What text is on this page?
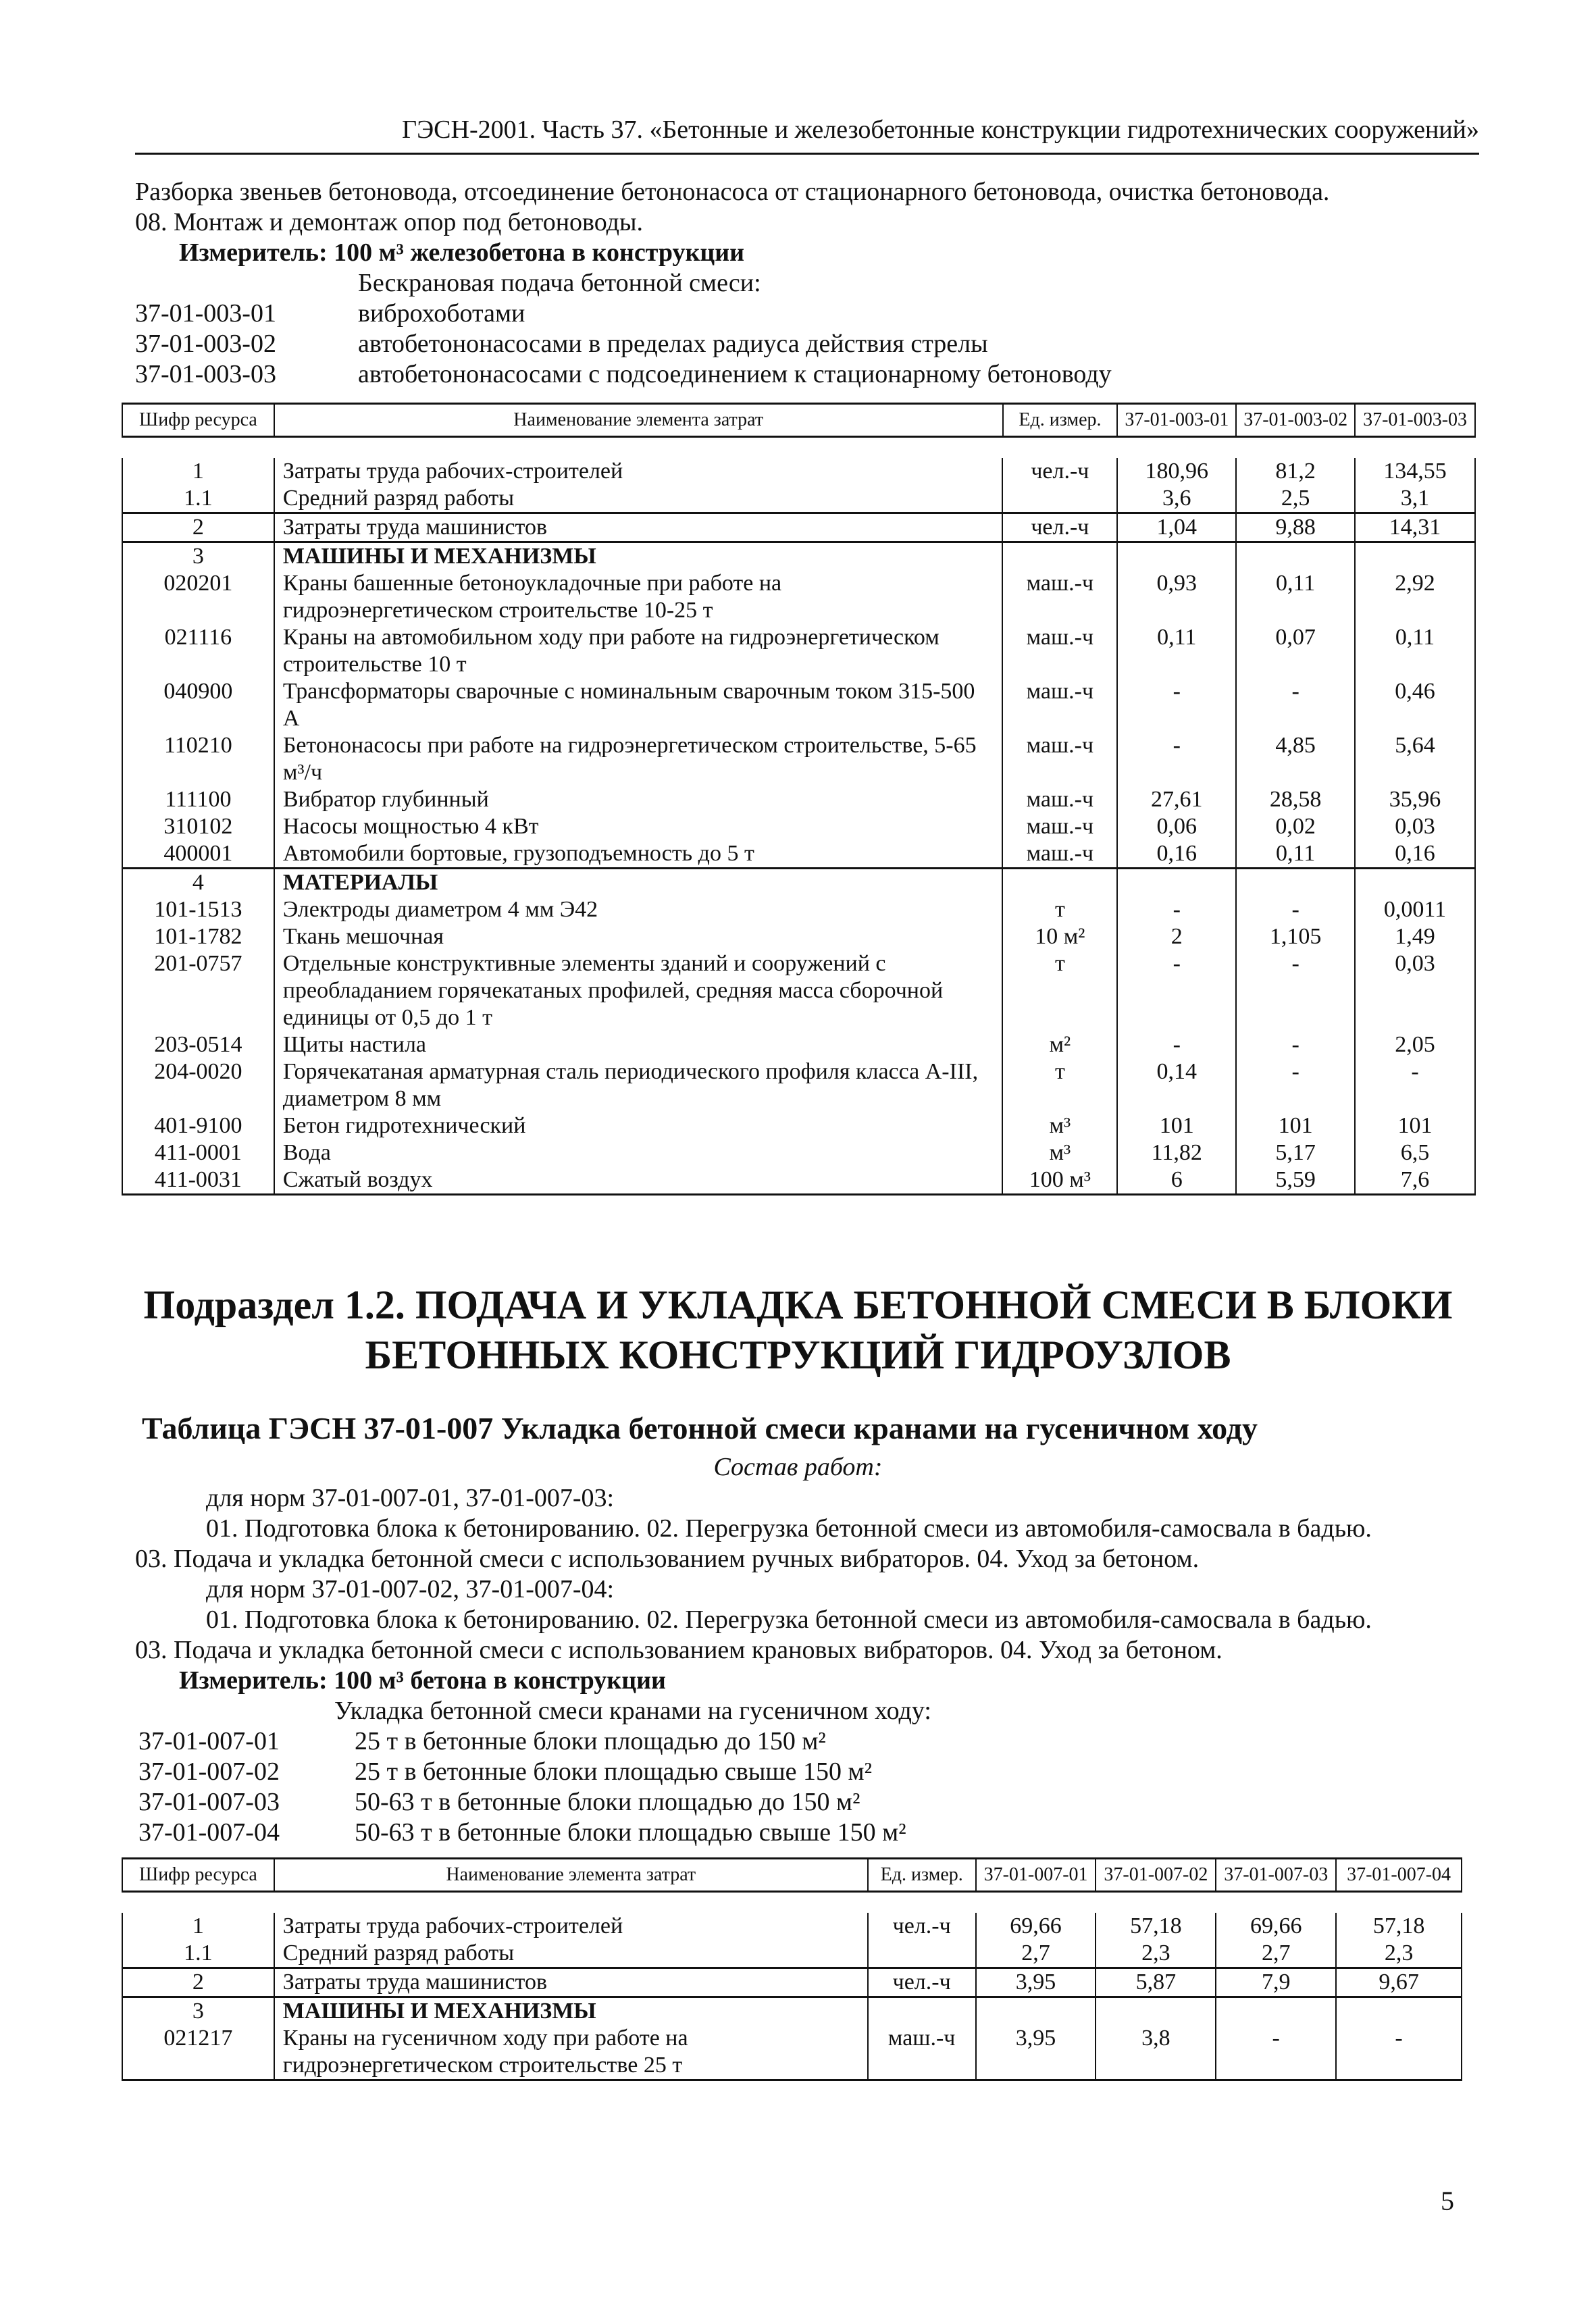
ГЭСН-2001. Часть 37. «Бетонные и железобетонные конструкции гидротехнических сооружений»
Разборка звеньев бетоновода, отсоединение бетононасоса от стационарного бетоновода, очистка бетоновода.
08. Монтаж и демонтаж опор под бетоноводы.
Измеритель: 100 м³ железобетона в конструкции
Бескрановая подача бетонной смеси:
37-01-003-01	виброхоботами
37-01-003-02	автобетононасосами в пределах радиуса действия стрелы
37-01-003-03	автобетононасосами с подсоединением к стационарному бетоноводу
Шифр ресурса	Наименование элемента затрат	Ед. измер.	37-01-003-01	37-01-003-02	37-01-003-03
1	Затраты труда рабочих-строителей	чел.-ч	180,96	81,2	134,55
1.1	Средний разряд работы		3,6	2,5	3,1
2	Затраты труда машинистов	чел.-ч	1,04	9,88	14,31
3	МАШИНЫ И МЕХАНИЗМЫ				
020201	Краны башенные бетоноукладочные при работе на гидроэнергетическом строительстве 10-25 т	маш.-ч	0,93	0,11	2,92
021116	Краны на автомобильном ходу при работе на гидроэнергетическом строительстве 10 т	маш.-ч	0,11	0,07	0,11
040900	Трансформаторы сварочные с номинальным сварочным током 315-500 А	маш.-ч	-	-	0,46
110210	Бетононасосы при работе на гидроэнергетическом строительстве, 5-65 м³/ч	маш.-ч	-	4,85	5,64
111100	Вибратор глубинный	маш.-ч	27,61	28,58	35,96
310102	Насосы мощностью 4 кВт	маш.-ч	0,06	0,02	0,03
400001	Автомобили бортовые, грузоподъемность до 5 т	маш.-ч	0,16	0,11	0,16
4	МАТЕРИАЛЫ				
101-1513	Электроды диаметром 4 мм Э42	т	-	-	0,0011
101-1782	Ткань мешочная	10 м²	2	1,105	1,49
201-0757	Отдельные конструктивные элементы зданий и сооружений с преобладанием горячекатаных профилей, средняя масса сборочной единицы от 0,5 до 1 т	т	-	-	0,03
203-0514	Щиты настила	м²	-	-	2,05
204-0020	Горячекатаная арматурная сталь периодического профиля класса А-III, диаметром 8 мм	т	0,14	-	-
401-9100	Бетон гидротехнический	м³	101	101	101
411-0001	Вода	м³	11,82	5,17	6,5
411-0031	Сжатый воздух	100 м³	6	5,59	7,6
Подраздел 1.2. ПОДАЧА И УКЛАДКА БЕТОННОЙ СМЕСИ В БЛОКИ
БЕТОННЫХ КОНСТРУКЦИЙ ГИДРОУЗЛОВ
Таблица ГЭСН 37-01-007 Укладка бетонной смеси кранами на гусеничном ходу
Состав работ:
для норм 37-01-007-01, 37-01-007-03:
01. Подготовка блока к бетонированию. 02. Перегрузка бетонной смеси из автомобиля-самосвала в бадью.
03. Подача и укладка бетонной смеси с использованием ручных вибраторов. 04. Уход за бетоном.
для норм 37-01-007-02, 37-01-007-04:
01. Подготовка блока к бетонированию. 02. Перегрузка бетонной смеси из автомобиля-самосвала в бадью.
03. Подача и укладка бетонной смеси с использованием крановых вибраторов. 04. Уход за бетоном.
Измеритель: 100 м³ бетона в конструкции
Укладка бетонной смеси кранами на гусеничном ходу:
37-01-007-01	25 т в бетонные блоки площадью до 150 м²
37-01-007-02	25 т в бетонные блоки площадью свыше 150 м²
37-01-007-03	50-63 т в бетонные блоки площадью до 150 м²
37-01-007-04	50-63 т в бетонные блоки площадью свыше 150 м²
Шифр ресурса	Наименование элемента затрат	Ед. измер.	37-01-007-01	37-01-007-02	37-01-007-03	37-01-007-04
1	Затраты труда рабочих-строителей	чел.-ч	69,66	57,18	69,66	57,18
1.1	Средний разряд работы		2,7	2,3	2,7	2,3
2	Затраты труда машинистов	чел.-ч	3,95	5,87	7,9	9,67
3	МАШИНЫ И МЕХАНИЗМЫ					
021217	Краны на гусеничном ходу при работе на гидроэнергетическом строительстве 25 т	маш.-ч	3,95	3,8	-	-
5
